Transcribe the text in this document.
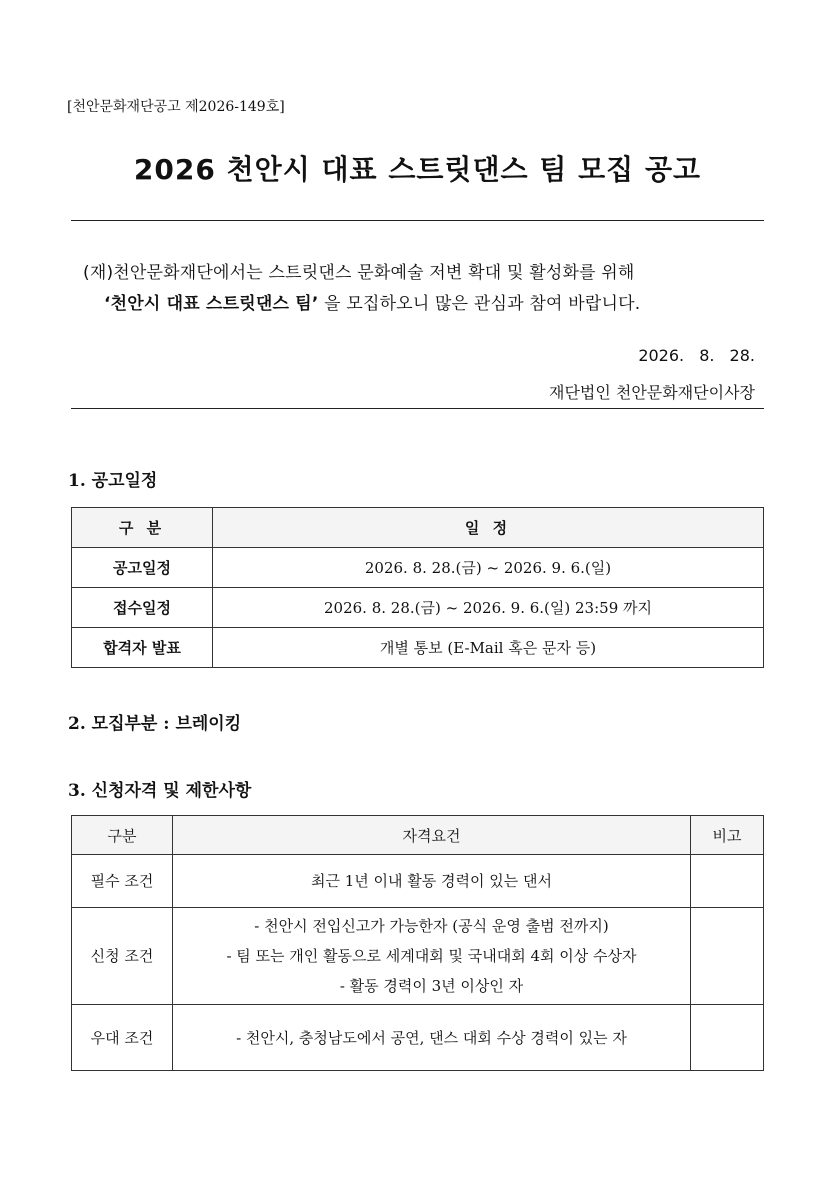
[천안문화재단공고 제2026-149호]
2026 천안시 대표 스트릿댄스 팀 모집 공고
(재)천안문화재단에서는 스트릿댄스 문화예술 저변 확대 및 활성화를 위해
‘천안시 대표 스트릿댄스 팀’ 을 모집하오니 많은 관심과 참여 바랍니다.
2026. 8. 28.
재단법인 천안문화재단이사장
1. 공고일정
구 분	일 정
공고일정	2026. 8. 28.(금) ~ 2026. 9. 6.(일)
접수일정	2026. 8. 28.(금) ~ 2026. 9. 6.(일) 23:59 까지
합격자 발표	개별 통보 (E-Mail 혹은 문자 등)
2. 모집부분 : 브레이킹
3. 신청자격 및 제한사항
구분	자격요건	비고
필수 조건	최근 1년 이내 활동 경력이 있는 댄서	

신청 조건	- 천안시 전입신고가 가능한자 (공식 운영 출범 전까지)
- 팀 또는 개인 활동으로 세계대회 및 국내대회 4회 이상 수상자
- 활동 경력이 3년 이상인 자	

우대 조건	- 천안시, 충청남도에서 공연, 댄스 대회 수상 경력이 있는 자	
